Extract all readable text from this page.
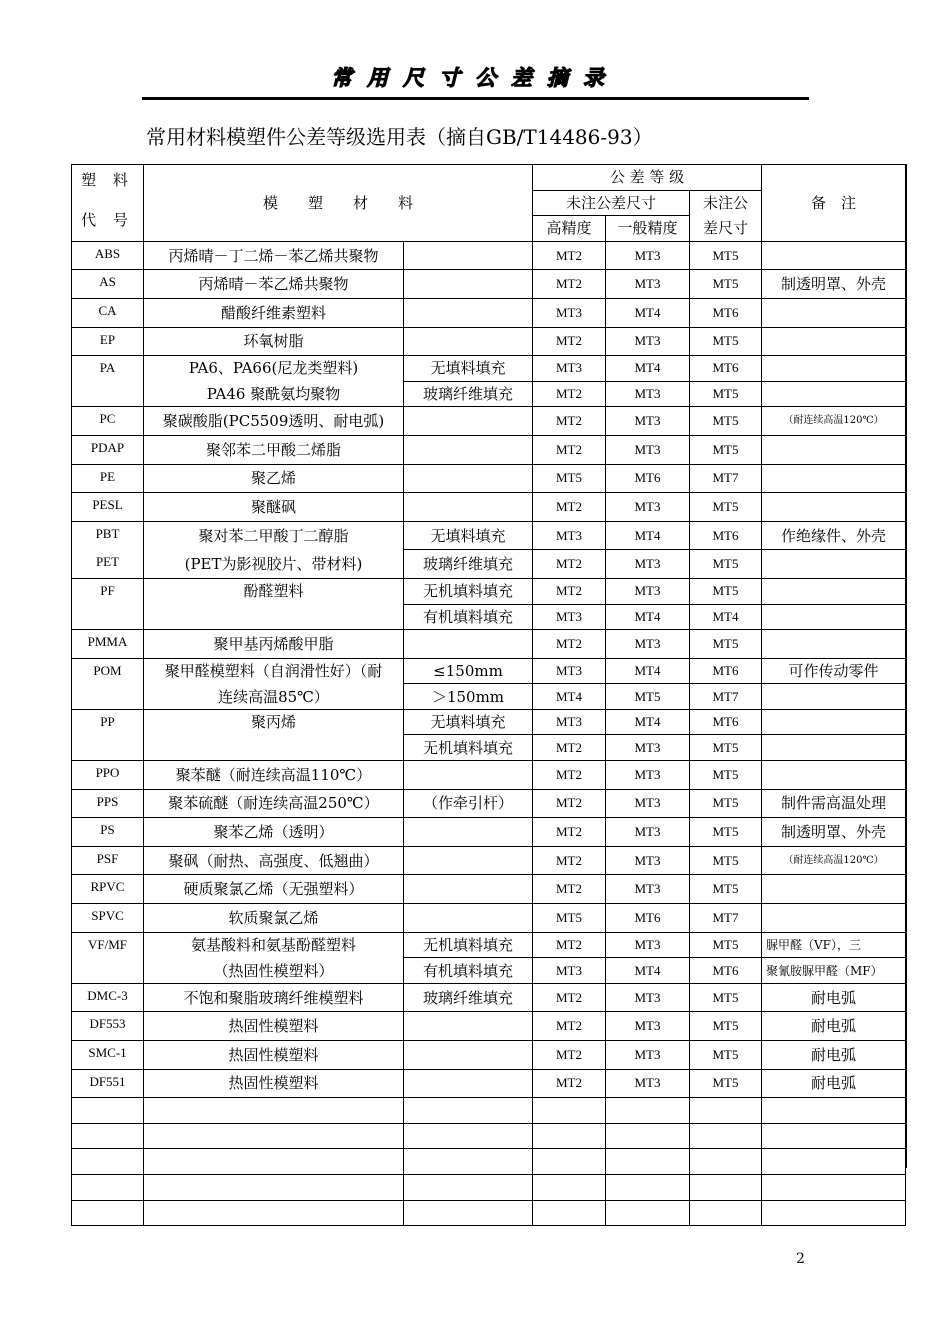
常用尺寸公差摘录
常用材料模塑件公差等级选用表（摘自GB/T14486-93）
塑 料
代 号	模　　塑　　材　　料		公 差 等 级			备　注
			未注公差尺寸		未注公	
			高精度	一般精度	差尺寸	
ABS	丙烯晴－丁二烯－苯乙烯共聚物		MT2	MT3	MT5	
AS	丙烯晴－苯乙烯共聚物		MT2	MT3	MT5	制透明罩、外壳
CA	醋酸纤维素塑料		MT3	MT4	MT6	
EP	环氧树脂		MT2	MT3	MT5	
PA	PA6、PA66(尼龙类塑料)	无填料填充	MT3	MT4	MT6	
	PA46 聚酰氨均聚物	玻璃纤维填充	MT2	MT3	MT5	
PC	聚碳酸脂(PC5509透明、耐电弧)		MT2	MT3	MT5	（耐连续高温120℃）
PDAP	聚邻苯二甲酸二烯脂		MT2	MT3	MT5	
PE	聚乙烯		MT5	MT6	MT7	
PESL	聚醚砜		MT2	MT3	MT5	
PBT	聚对苯二甲酸丁二醇脂	无填料填充	MT3	MT4	MT6	作绝缘件、外壳
PET	(PET为影视胶片、带材料)	玻璃纤维填充	MT2	MT3	MT5	
PF	酚醛塑料	无机填料填充	MT2	MT3	MT5	
		有机填料填充	MT3	MT4	MT4	
PMMA	聚甲基丙烯酸甲脂		MT2	MT3	MT5	
POM	聚甲醛模塑料（自润滑性好）（耐	≤150mm	MT3	MT4	MT6	可作传动零件
	连续高温85℃）	＞150mm	MT4	MT5	MT7	
PP	聚丙烯	无填料填充	MT3	MT4	MT6	
		无机填料填充	MT2	MT3	MT5	
PPO	聚苯醚（耐连续高温110℃）		MT2	MT3	MT5	
PPS	聚苯硫醚（耐连续高温250℃）	（作牵引杆）	MT2	MT3	MT5	制件需高温处理
PS	聚苯乙烯（透明）		MT2	MT3	MT5	制透明罩、外壳
PSF	聚砜（耐热、高强度、低翘曲）		MT2	MT3	MT5	（耐连续高温120℃）
RPVC	硬质聚氯乙烯（无强塑料）		MT2	MT3	MT5	
SPVC	软质聚氯乙烯		MT5	MT6	MT7	
VF/MF	氨基酸料和氨基酚醛塑料	无机填料填充	MT2	MT3	MT5	脲甲醛（VF），三
	（热固性模塑料）	有机填料填充	MT3	MT4	MT6	聚氰胺脲甲醛（MF）
DMC-3	不饱和聚脂玻璃纤维模塑料	玻璃纤维填充	MT2	MT3	MT5	耐电弧
DF553	热固性模塑料		MT2	MT3	MT5	耐电弧
SMC-1	热固性模塑料		MT2	MT3	MT5	耐电弧
DF551	热固性模塑料		MT2	MT3	MT5	耐电弧

2
